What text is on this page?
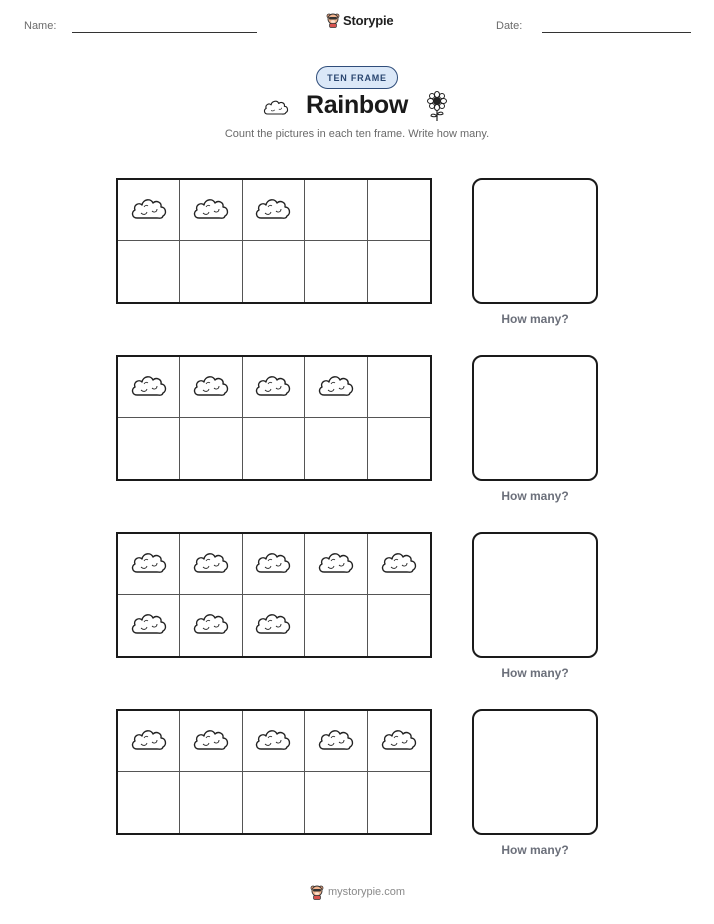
Name:	Storypie	Date:
TEN FRAME
Rainbow
Count the pictures in each ten frame. Write how many.
How many?
How many?
How many?
How many?
mystorypie.com
